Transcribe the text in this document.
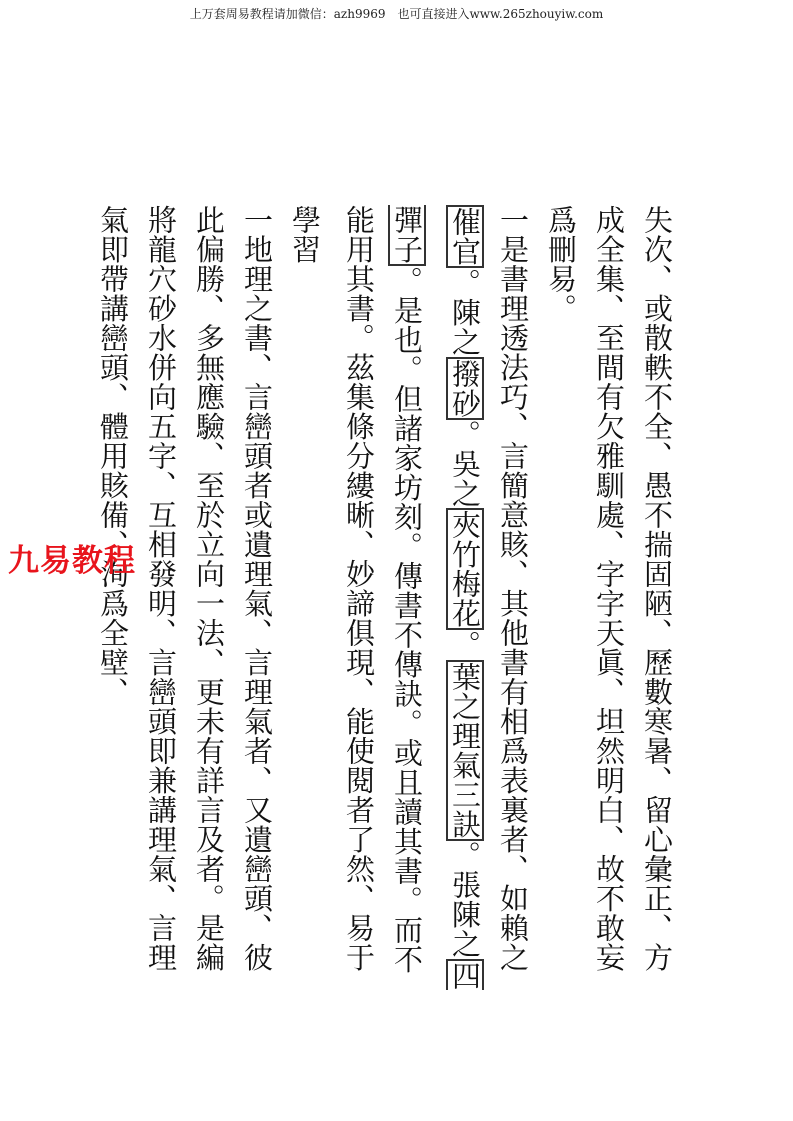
上万套周易教程请加微信：azh9969 也可直接进入www.265zhouyiw.com
失次、或散軼不全、愚不揣固陋、歷數寒暑、留心彙正、方
成全集、至間有欠雅馴處、字字天眞、坦然明白、故不敢妄
爲刪易。
一是書理透法巧、言簡意賅、其他書有相爲表裏者、如賴之
催官。陳之撥砂。吳之夾竹梅花。葉之理氣三訣。張陳之四
彈子。是也。但諸家坊刻。傳書不傳訣。或且讀其書。而不
能用其書。茲集條分縷晰、妙諦俱現、能使閱者了然、易于
學習
一地理之書、言巒頭者或遺理氣、言理氣者、又遺巒頭、彼
此偏勝、多無應驗、至於立向一法、更未有詳言及者。是編
將龍穴砂水併向五字、互相發明、言巒頭即兼講理氣、言理
氣即帶講巒頭、體用賅備、洵爲全壁、
九易教程
